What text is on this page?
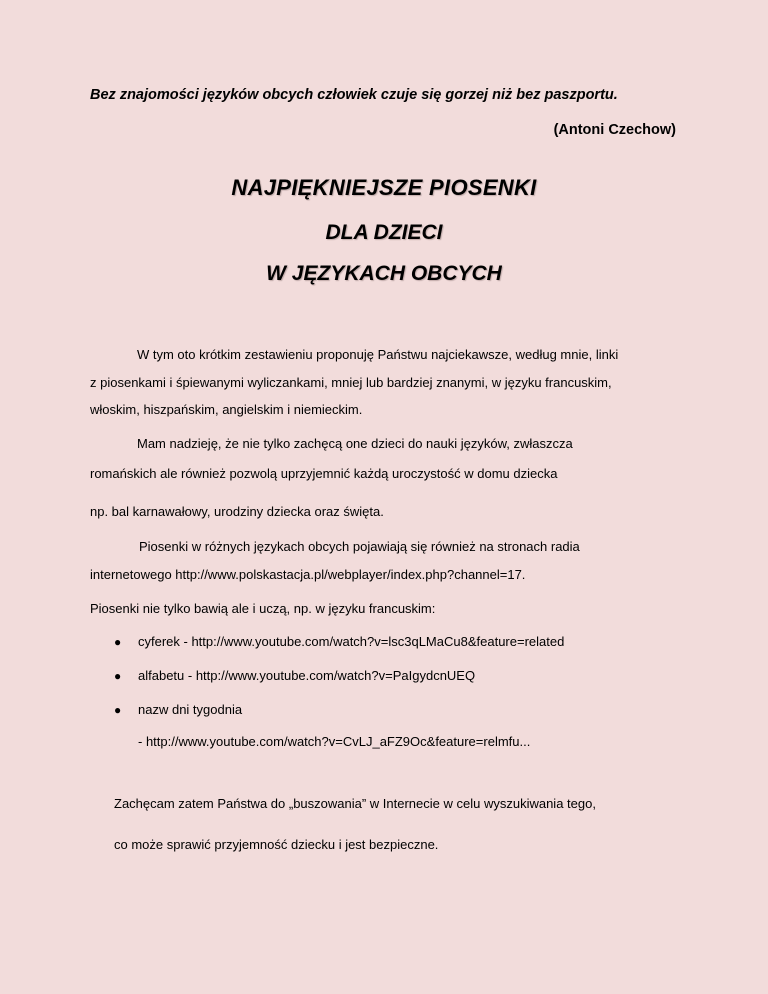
Bez znajomości języków obcych człowiek czuje się gorzej niż bez paszportu.
(Antoni Czechow)
NAJPIĘKNIEJSZE PIOSENKI
DLA DZIECI
W JĘZYKACH OBCYCH
W tym oto krótkim zestawieniu proponuję Państwu najciekawsze, według mnie, linki
z piosenkami i śpiewanymi wyliczankami, mniej lub bardziej znanymi, w języku francuskim,
włoskim, hiszpańskim, angielskim i niemieckim.
Mam nadzieję, że nie tylko zachęcą one dzieci do nauki języków, zwłaszcza
romańskich ale również pozwolą uprzyjemnić każdą uroczystość w domu dziecka
np. bal karnawałowy, urodziny dziecka oraz święta.
Piosenki w różnych językach obcych pojawiają się również na stronach radia
internetowego http://www.polskastacja.pl/webplayer/index.php?channel=17.
Piosenki nie tylko bawią ale i uczą, np. w języku francuskim:
● cyferek - http://www.youtube.com/watch?v=lsc3qLMaCu8&feature=related
● alfabetu - http://www.youtube.com/watch?v=PaIgydcnUEQ
● nazw dni tygodnia
- http://www.youtube.com/watch?v=CvLJ_aFZ9Oc&feature=relmfu...
Zachęcam zatem Państwa do „buszowania” w Internecie w celu wyszukiwania tego,
co może sprawić przyjemność dziecku i jest bezpieczne.
